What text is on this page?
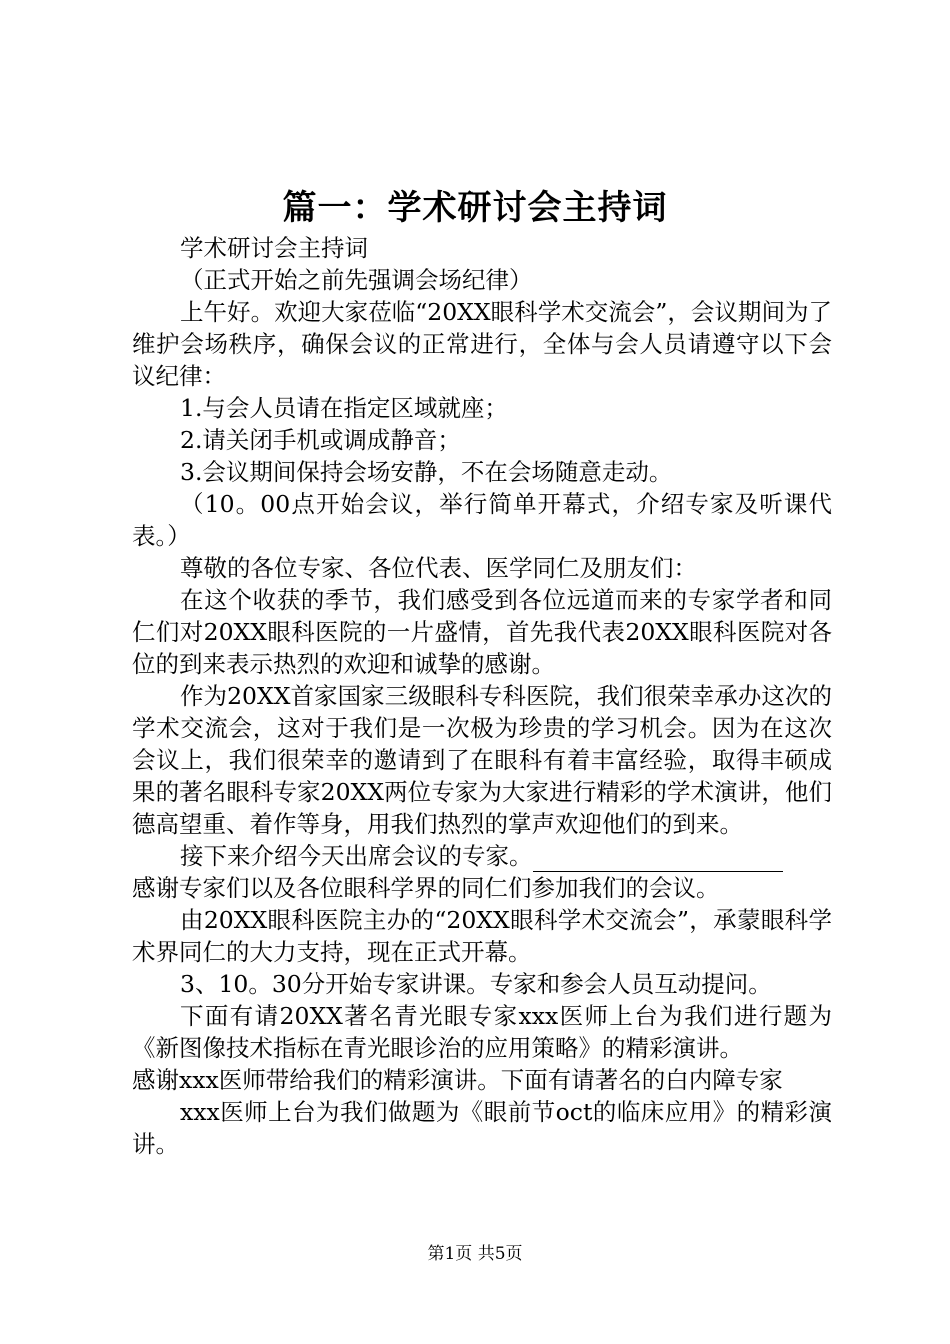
篇一：学术研讨会主持词

学术研讨会主持词

（正式开始之前先强调会场纪律）

上午好。欢迎大家莅临“20XX眼科学术交流会”，会议期间为了维护会场秩序，确保会议的正常进行，全体与会人员请遵守以下会议纪律：

1.与会人员请在指定区域就座；

2.请关闭手机或调成静音；

3.会议期间保持会场安静，不在会场随意走动。

（10。00点开始会议，举行简单开幕式，介绍专家及听课代表。）

尊敬的各位专家、各位代表、医学同仁及朋友们：

在这个收获的季节，我们感受到各位远道而来的专家学者和同仁们对20XX眼科医院的一片盛情，首先我代表20XX眼科医院对各位的到来表示热烈的欢迎和诚挚的感谢。

作为20XX首家国家三级眼科专科医院，我们很荣幸承办这次的学术交流会，这对于我们是一次极为珍贵的学习机会。因为在这次会议上，我们很荣幸的邀请到了在眼科有着丰富经验，取得丰硕成果的著名眼科专家20XX两位专家为大家进行精彩的学术演讲，他们德高望重、着作等身，用我们热烈的掌声欢迎他们的到来。

接下来介绍今天出席会议的专家。

感谢专家们以及各位眼科学界的同仁们参加我们的会议。

由20XX眼科医院主办的“20XX眼科学术交流会”，承蒙眼科学术界同仁的大力支持，现在正式开幕。

3、10。30分开始专家讲课。专家和参会人员互动提问。

下面有请20XX著名青光眼专家xxx医师上台为我们进行题为《新图像技术指标在青光眼诊治的应用策略》的精彩演讲。

感谢xxx医师带给我们的精彩演讲。下面有请著名的白内障专家

xxx医师上台为我们做题为《眼前节oct的临床应用》的精彩演讲。

第1页 共5页
